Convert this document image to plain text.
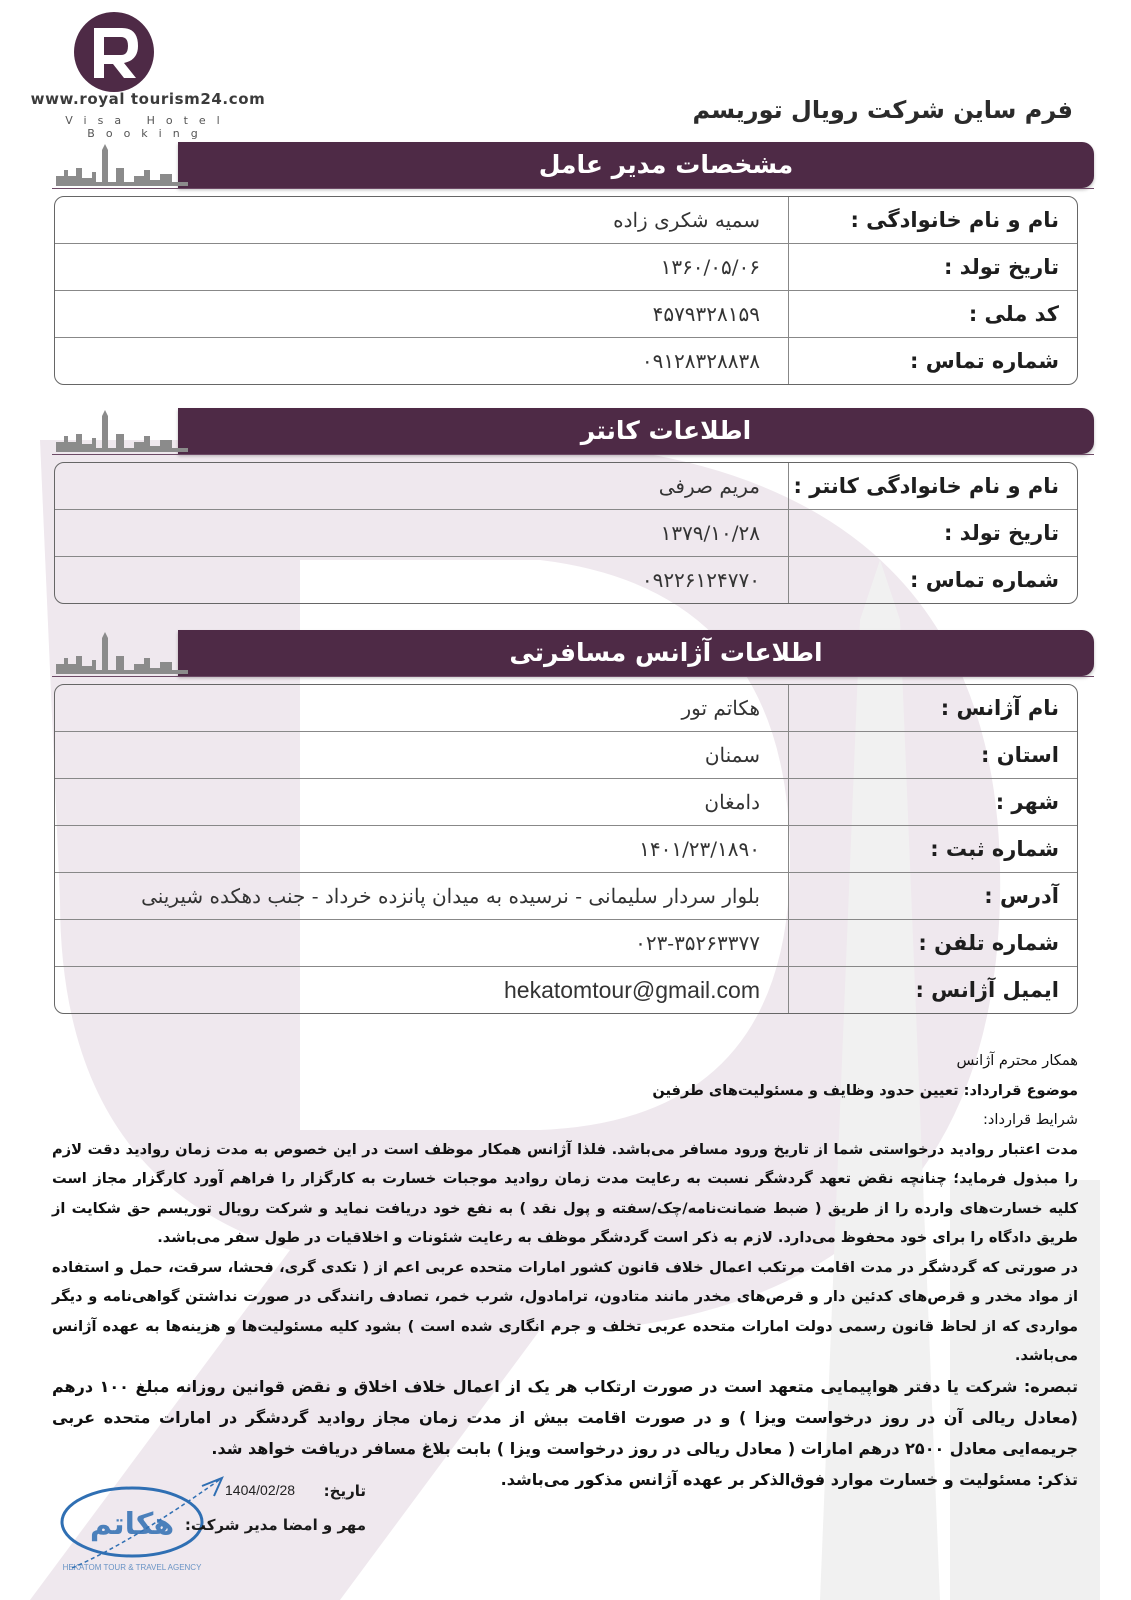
www.royal tourism24.com
Visa Hotel Booking
فرم ساین شرکت رویال توریسم
مشخصات مدیر عامل
نام و نام خانوادگی :	سمیه شکری زاده
تاریخ تولد :	۱۳۶۰/۰۵/۰۶
کد ملی :	۴۵۷۹۳۲۸۱۵۹
شماره تماس :	۰۹۱۲۸۳۲۸۸۳۸
اطلاعات کانتر
نام و نام خانوادگی کانتر :	مریم صرفی
تاریخ تولد :	۱۳۷۹/۱۰/۲۸
شماره تماس :	۰۹۲۲۶۱۲۴۷۷۰
اطلاعات آژانس مسافرتی
نام آژانس :	هکاتم تور
استان :	سمنان
شهر :	دامغان
شماره ثبت :	۱۴۰۱/۲۳/۱۸۹۰
آدرس :	بلوار سردار سلیمانی - نرسیده به میدان پانزده خرداد - جنب دهکده شیرینی
شماره تلفن :	۰۲۳-۳۵۲۶۳۳۷۷
ایمیل آژانس :	hekatomtour@gmail.com

همکار محترم آژانس

موضوع قرارداد: تعیین حدود وظایف و مسئولیت‌های طرفین

شرایط قرارداد:

مدت اعتبار روادید درخواستی شما از تاریخ ورود مسافر می‌باشد. فلذا آژانس همکار موظف است در این خصوص به مدت زمان روادید دقت لازم را مبذول فرماید؛ چنانچه نقض تعهد گردشگر نسبت به رعایت مدت زمان روادید موجبات خسارت به کارگزار را فراهم آورد کارگزار مجاز است کلیه خسارت‌های وارده را از طریق ( ضبط ضمانت‌نامه/چک/سفته و پول نقد ) به نفع خود دریافت نماید و شرکت رویال توریسم حق شکایت از طریق دادگاه را برای خود محفوظ می‌دارد. لازم به ذکر است گردشگر موظف به رعایت شئونات و اخلاقیات در طول سفر می‌باشد.

در صورتی که گردشگر در مدت اقامت مرتکب اعمال خلاف قانون کشور امارات متحده عربی اعم از ( تکدی گری، فحشا، سرقت، حمل و استفاده از مواد مخدر و قرص‌های کدئین دار و قرص‌های مخدر مانند متادون، ترامادول، شرب خمر، تصادف رانندگی در صورت نداشتن گواهی‌نامه و دیگر مواردی که از لحاظ قانون رسمی دولت امارات متحده عربی تخلف و جرم انگاری شده است ) بشود کلیه مسئولیت‌ها و هزینه‌ها به عهده آژانس می‌باشد.

تبصره: شرکت یا دفتر هواپیمایی متعهد است در صورت ارتکاب هر یک از اعمال خلاف اخلاق و نقض قوانین روزانه مبلغ ۱۰۰ درهم (معادل ریالی آن در روز درخواست ویزا ) و در صورت اقامت بیش از مدت زمان مجاز روادید گردشگر در امارات متحده عربی جریمه‌ایی معادل ۲۵۰۰ درهم امارات ( معادل ریالی در روز درخواست ویزا ) بابت بلاغ مسافر دریافت خواهد شد.

تذکر: مسئولیت و خسارت موارد فوق‌الذکر بر عهده آژانس مذکور می‌باشد.

هکاتم
HEKATOM TOUR & TRAVEL AGENCY
تاریخ:
1404/02/28
مهر و امضا مدیر شرکت:
